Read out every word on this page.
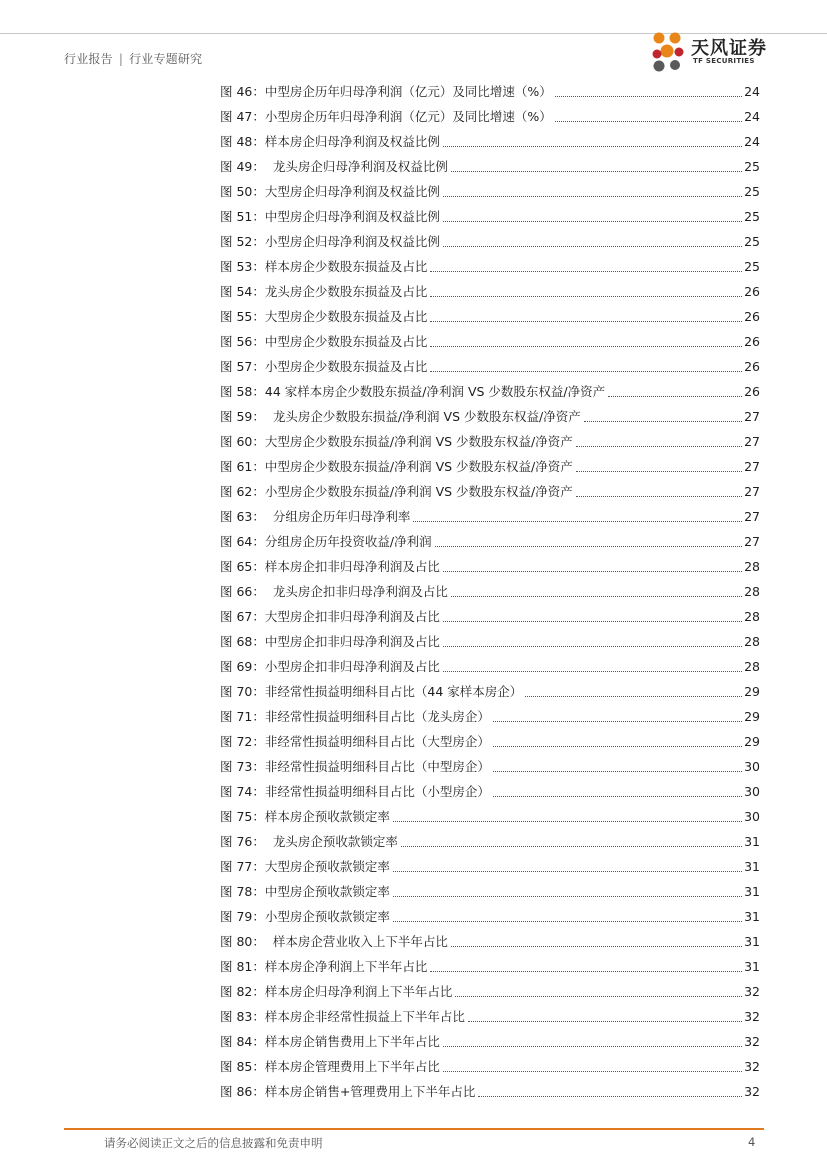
行业报告 | 行业专题研究	天风证券
TF SECURITIES
图 46： 中型房企历年归母净利润（亿元）及同比增速（%）	24
图 47： 小型房企历年归母净利润（亿元）及同比增速（%）	24
图 48： 样本房企归母净利润及权益比例	24
图 49： 龙头房企归母净利润及权益比例	25
图 50： 大型房企归母净利润及权益比例	25
图 51： 中型房企归母净利润及权益比例	25
图 52： 小型房企归母净利润及权益比例	25
图 53： 样本房企少数股东损益及占比	25
图 54： 龙头房企少数股东损益及占比	26
图 55： 大型房企少数股东损益及占比	26
图 56： 中型房企少数股东损益及占比	26
图 57： 小型房企少数股东损益及占比	26
图 58： 44 家样本房企少数股东损益/净利润 VS 少数股东权益/净资产	26
图 59： 龙头房企少数股东损益/净利润 VS 少数股东权益/净资产	27
图 60： 大型房企少数股东损益/净利润 VS 少数股东权益/净资产	27
图 61： 中型房企少数股东损益/净利润 VS 少数股东权益/净资产	27
图 62： 小型房企少数股东损益/净利润 VS 少数股东权益/净资产	27
图 63： 分组房企历年归母净利率	27
图 64： 分组房企历年投资收益/净利润	27
图 65： 样本房企扣非归母净利润及占比	28
图 66： 龙头房企扣非归母净利润及占比	28
图 67： 大型房企扣非归母净利润及占比	28
图 68： 中型房企扣非归母净利润及占比	28
图 69： 小型房企扣非归母净利润及占比	28
图 70： 非经常性损益明细科目占比（44 家样本房企）	29
图 71： 非经常性损益明细科目占比（龙头房企）	29
图 72： 非经常性损益明细科目占比（大型房企）	29
图 73： 非经常性损益明细科目占比（中型房企）	30
图 74： 非经常性损益明细科目占比（小型房企）	30
图 75： 样本房企预收款锁定率	30
图 76： 龙头房企预收款锁定率	31
图 77： 大型房企预收款锁定率	31
图 78： 中型房企预收款锁定率	31
图 79： 小型房企预收款锁定率	31
图 80： 样本房企营业收入上下半年占比	31
图 81： 样本房企净利润上下半年占比	31
图 82： 样本房企归母净利润上下半年占比	32
图 83： 样本房企非经常性损益上下半年占比	32
图 84： 样本房企销售费用上下半年占比	32
图 85： 样本房企管理费用上下半年占比	32
图 86： 样本房企销售+管理费用上下半年占比	32
请务必阅读正文之后的信息披露和免责申明	4
